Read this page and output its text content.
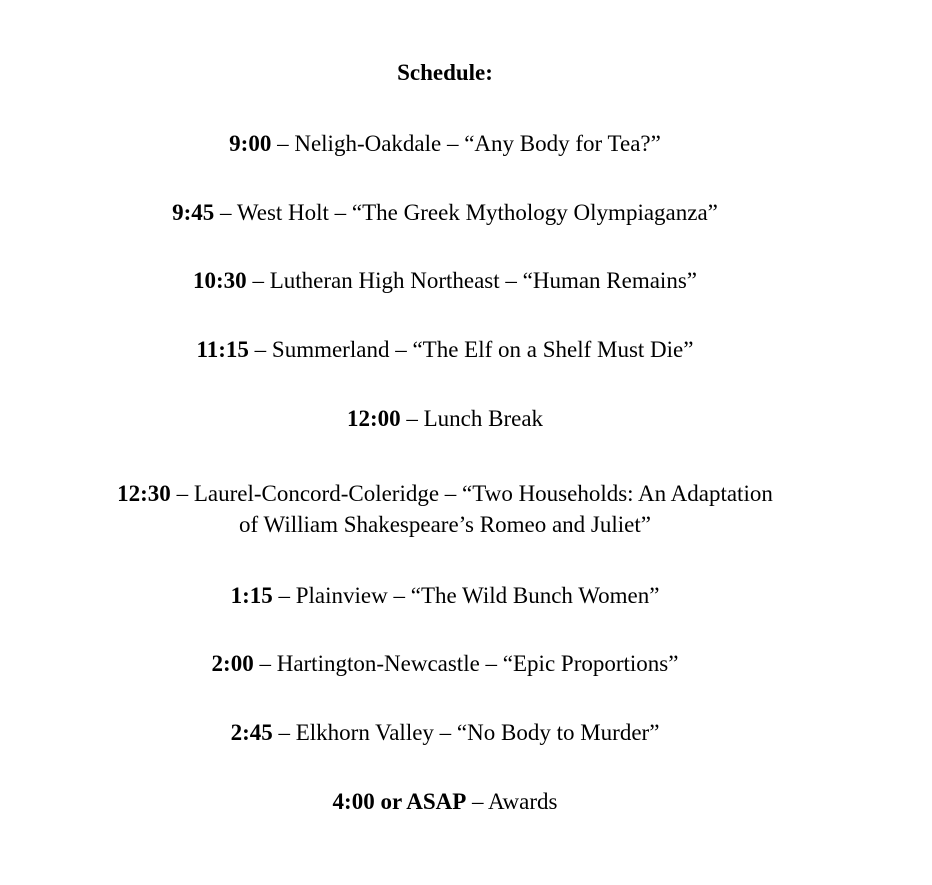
Schedule:
9:00 – Neligh-Oakdale – “Any Body for Tea?”
9:45 – West Holt – “The Greek Mythology Olympiaganza”
10:30 – Lutheran High Northeast – “Human Remains”
11:15 – Summerland – “The Elf on a Shelf Must Die”
12:00 – Lunch Break
12:30 – Laurel-Concord-Coleridge – “Two Households: An Adaptation
of William Shakespeare’s Romeo and Juliet”
1:15 – Plainview – “The Wild Bunch Women”
2:00 – Hartington-Newcastle – “Epic Proportions”
2:45 – Elkhorn Valley – “No Body to Murder”
4:00 or ASAP – Awards
